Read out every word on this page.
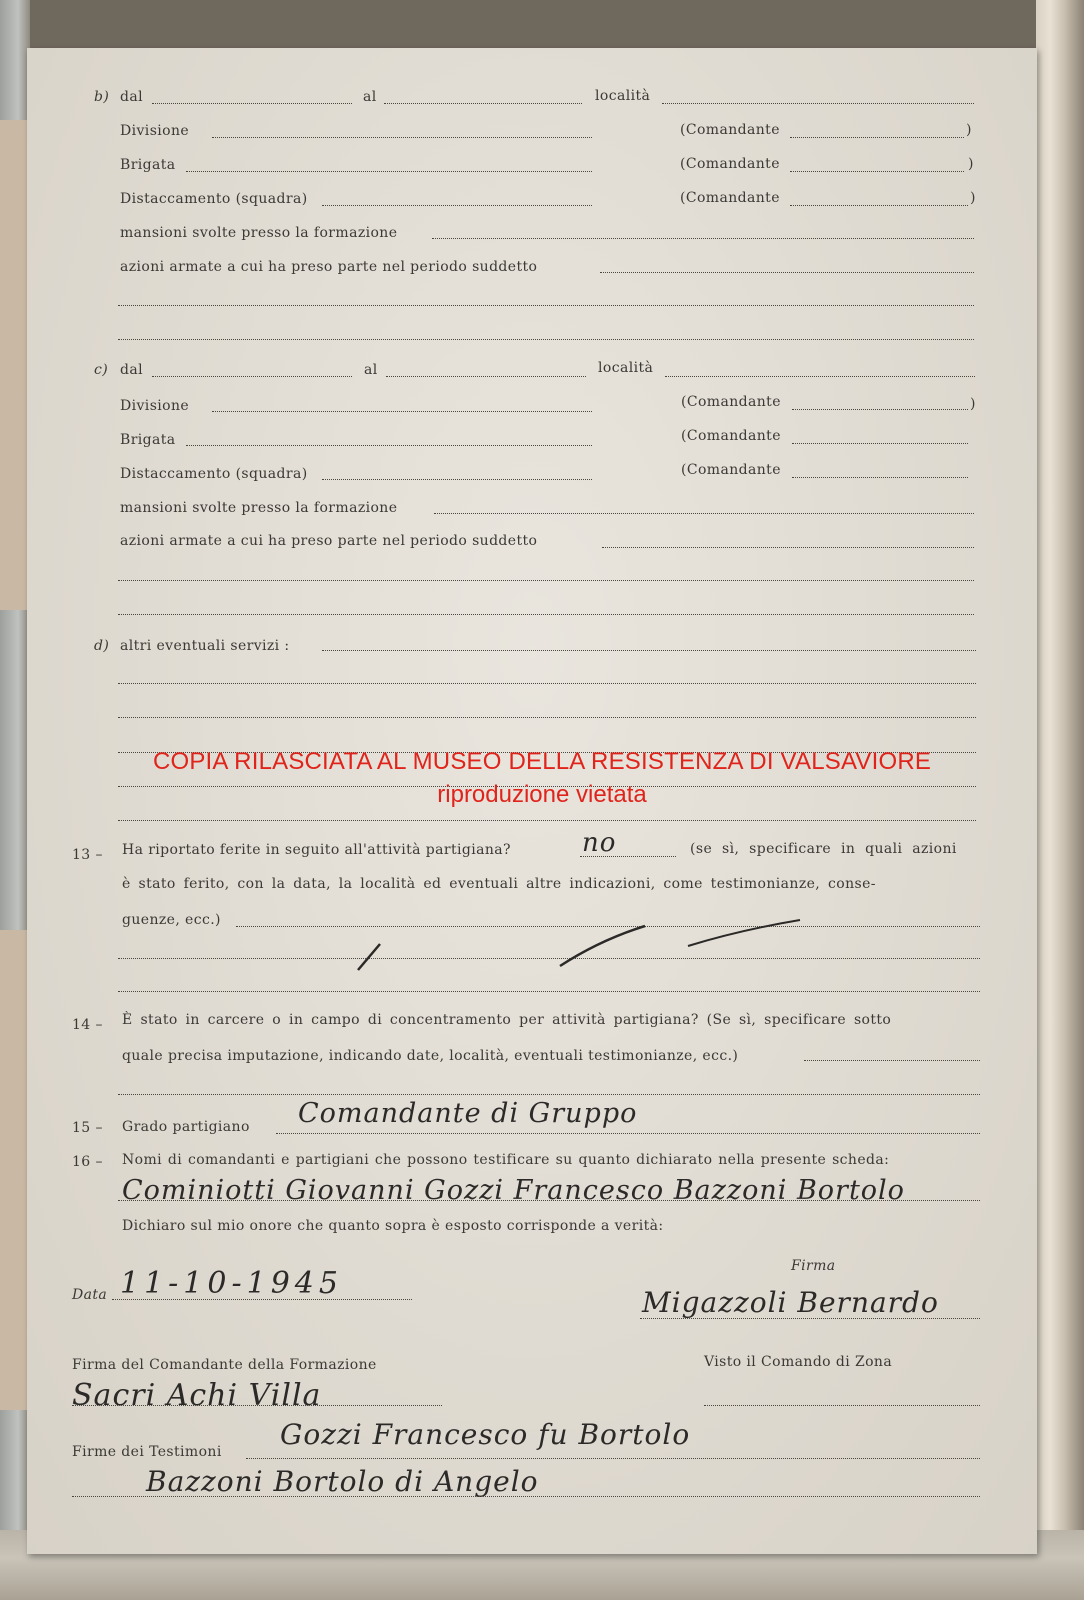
b) dal	al	località
Divisione	(Comandante	)
Brigata	(Comandante	)
Distaccamento (squadra)	(Comandante	)
mansioni svolte presso la formazione
azioni armate a cui ha preso parte nel periodo suddetto
c) dal	al	località
Divisione	(Comandante	)
Brigata	(Comandante
Distaccamento (squadra)	(Comandante
mansioni svolte presso la formazione
azioni armate a cui ha preso parte nel periodo suddetto
d) altri eventuali servizi :
COPIA RILASCIATA AL MUSEO DELLA RESISTENZA DI VALSAVIORE
riproduzione vietata
13 – Ha riportato ferite in seguito all'attività partigiana?	no	(se sì, specificare in quali azioni
è stato ferito, con la data, la località ed eventuali altre indicazioni, come testimonianze, conse-
guenze, ecc.)
14 – È stato in carcere o in campo di concentramento per attività partigiana? (Se sì, specificare sotto
quale precisa imputazione, indicando date, località, eventuali testimonianze, ecc.)
15 – Grado partigiano Comandante di Gruppo
16 – Nomi di comandanti e partigiani che possono testificare su quanto dichiarato nella presente scheda:
Cominiotti Giovanni Gozzi Francesco Bazzoni Bortolo
Dichiaro sul mio onore che quanto sopra è esposto corrisponde a verità:
Firma
Data 11-10-1945
Migazzoli Bernardo
Firma del Comandante della Formazione	Visto il Comando di Zona
Sacri Achi Villa
Firme dei Testimoni
Gozzi Francesco fu Bortolo
Bazzoni Bortolo di Angelo
